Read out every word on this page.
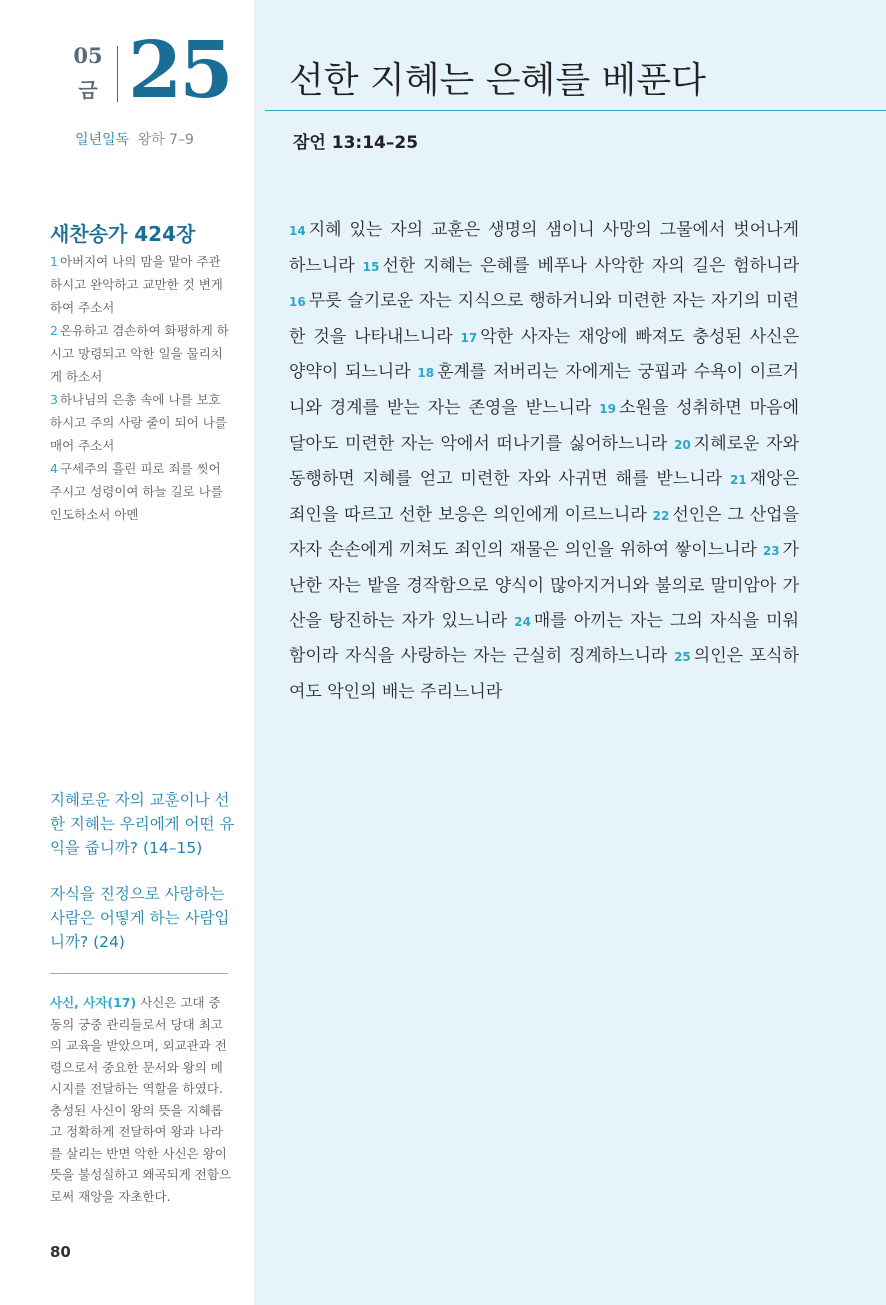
05
금 25
일년일독 왕하 7–9
새찬송가 424장
1 아버지여 나의 맘을 맡아 주관하시고 완악하고 교만한 것 변게 하여 주소서
2 온유하고 겸손하여 화평하게 하시고 망령되고 악한 일을 물리치게 하소서
3 하나님의 은총 속에 나를 보호하시고 주의 사랑 줄이 되어 나를 매어 주소서
4 구세주의 흘린 피로 죄를 씻어 주시고 성령이여 하늘 길로 나를 인도하소서 아멘

지혜로운 자의 교훈이나 선한 지혜는 우리에게 어떤 유익을 줍니까? (14–15)

자식을 진정으로 사랑하는 사람은 어떻게 하는 사람입니까? (24)

사신, 사자(17) 사신은 고대 중동의 궁중 관리들로서 당대 최고의 교육을 받았으며, 외교관과 전령으로서 중요한 문서와 왕의 메시지를 전달하는 역할을 하였다. 충성된 사신이 왕의 뜻을 지혜롭고 정확하게 전달하여 왕과 나라를 살리는 반면 악한 사신은 왕이 뜻을 불성실하고 왜곡되게 전함으로써 재앙을 자초한다.
80
선한 지혜는 은혜를 베푼다
잠언 13:14–25
14 지혜 있는 자의 교훈은 생명의 샘이니 사망의 그물에서 벗어나게 하느니라 15 선한 지혜는 은혜를 베푸나 사악한 자의 길은 험하니라 16 무릇 슬기로운 자는 지식으로 행하거니와 미련한 자는 자기의 미련한 것을 나타내느니라 17 악한 사자는 재앙에 빠져도 충성된 사신은 양약이 되느니라 18 훈계를 저버리는 자에게는 궁핍과 수욕이 이르거니와 경계를 받는 자는 존영을 받느니라 19 소원을 성취하면 마음에 달아도 미련한 자는 악에서 떠나기를 싫어하느니라 20 지혜로운 자와 동행하면 지혜를 얻고 미련한 자와 사귀면 해를 받느니라 21 재앙은 죄인을 따르고 선한 보응은 의인에게 이르느니라 22 선인은 그 산업을 자자 손손에게 끼쳐도 죄인의 재물은 의인을 위하여 쌓이느니라 23 가난한 자는 밭을 경작함으로 양식이 많아지거니와 불의로 말미암아 가산을 탕진하는 자가 있느니라 24 매를 아끼는 자는 그의 자식을 미워함이라 자식을 사랑하는 자는 근실히 징계하느니라 25 의인은 포식하여도 악인의 배는 주리느니라
